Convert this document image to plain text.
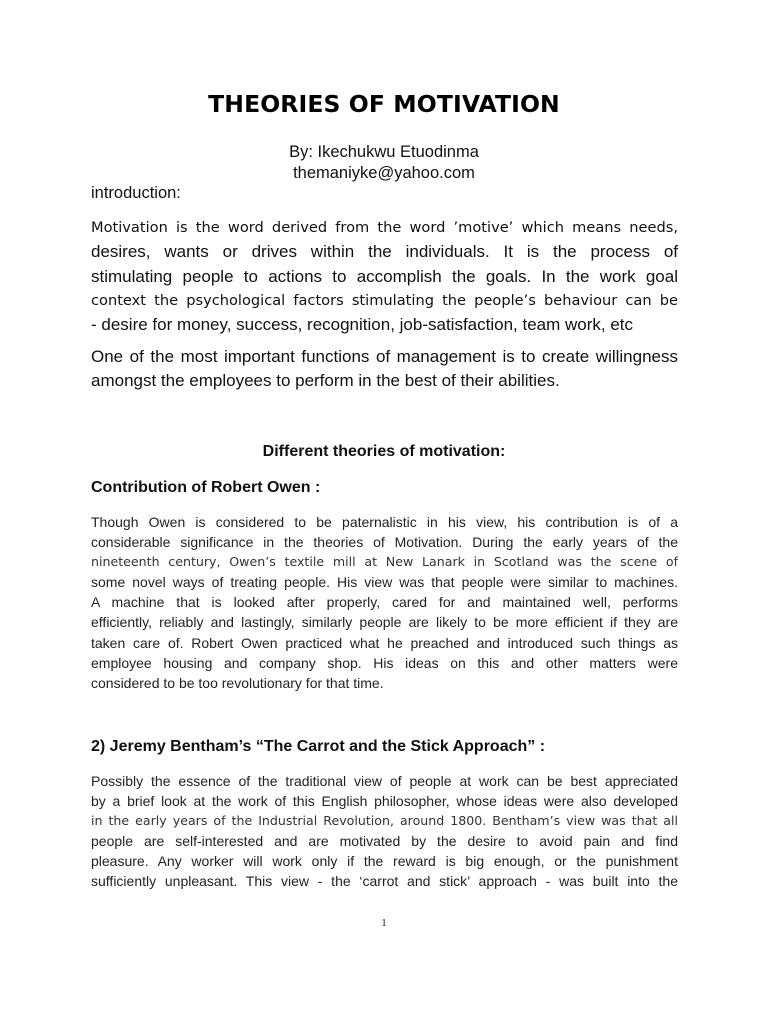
THEORIES OF MOTIVATION
By: Ikechukwu Etuodinma
themaniyke@yahoo.com
introduction:
Motivation is the word derived from the word ’motive’ which means needs,
desires, wants or drives within the individuals. It is the process of
stimulating people to actions to accomplish the goals. In the work goal
context the psychological factors stimulating the people’s behaviour can be
- desire for money, success, recognition, job-satisfaction, team work, etc
One of the most important functions of management is to create willingness
amongst the employees to perform in the best of their abilities.
Different theories of motivation:
Contribution of Robert Owen :
Though Owen is considered to be paternalistic in his view, his contribution is of a
considerable significance in the theories of Motivation. During the early years of the
nineteenth century, Owen’s textile mill at New Lanark in Scotland was the scene of
some novel ways of treating people. His view was that people were similar to machines.
A machine that is looked after properly, cared for and maintained well, performs
efficiently, reliably and lastingly, similarly people are likely to be more efficient if they are
taken care of. Robert Owen practiced what he preached and introduced such things as
employee housing and company shop. His ideas on this and other matters were
considered to be too revolutionary for that time.
2) Jeremy Bentham’s “The Carrot and the Stick Approach” :
Possibly the essence of the traditional view of people at work can be best appreciated
by a brief look at the work of this English philosopher, whose ideas were also developed
in the early years of the Industrial Revolution, around 1800. Bentham’s view was that all
people are self-interested and are motivated by the desire to avoid pain and find
pleasure. Any worker will work only if the reward is big enough, or the punishment
sufficiently unpleasant. This view - the ‘carrot and stick’ approach - was built into the
1
